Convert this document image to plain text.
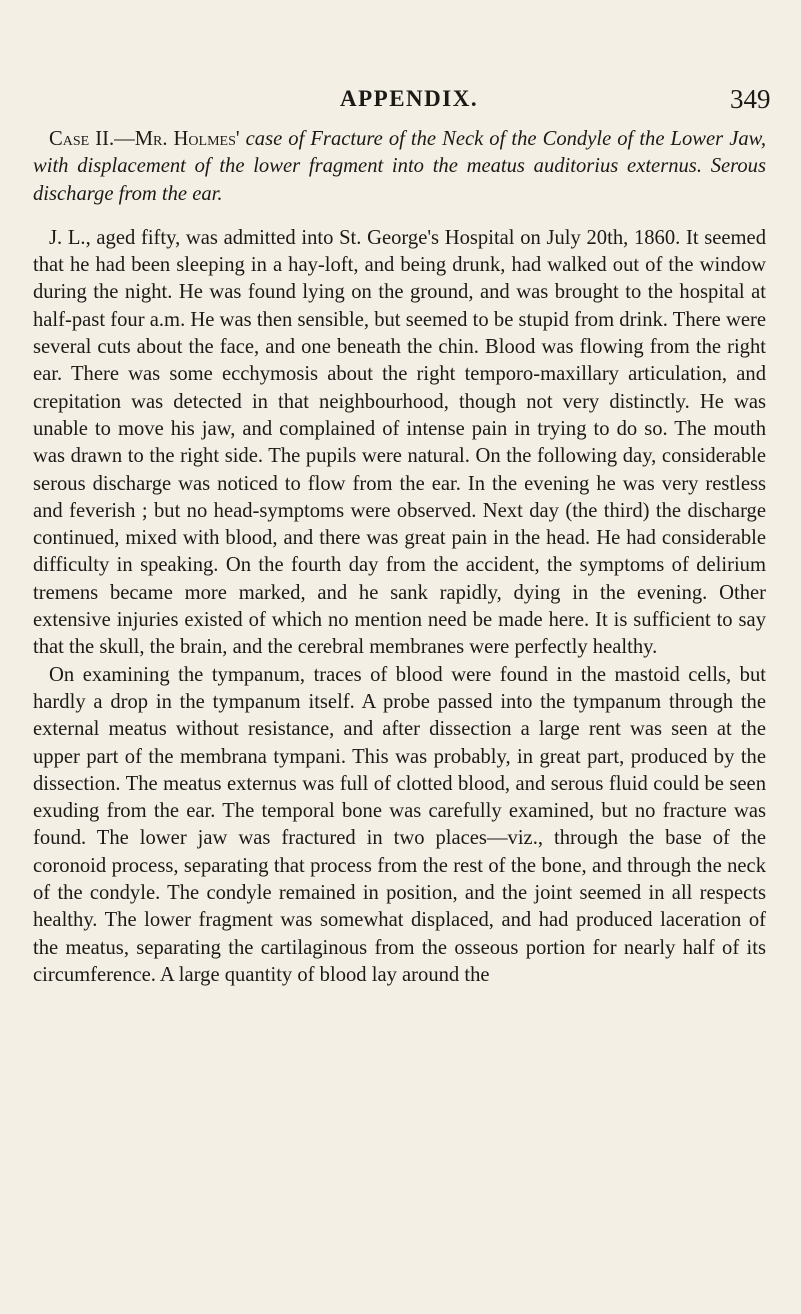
APPENDIX.	349

Case II.—Mr. Holmes' case of Fracture of the Neck of the Condyle of the Lower Jaw, with displacement of the lower fragment into the meatus auditorius externus. Serous discharge from the ear.

J. L., aged fifty, was admitted into St. George's Hospital on July 20th, 1860. It seemed that he had been sleeping in a hay-loft, and being drunk, had walked out of the window during the night. He was found lying on the ground, and was brought to the hospital at half-past four a.m. He was then sensible, but seemed to be stupid from drink. There were several cuts about the face, and one beneath the chin. Blood was flowing from the right ear. There was some ecchymosis about the right temporo-maxillary articulation, and crepitation was detected in that neighbourhood, though not very distinctly. He was unable to move his jaw, and complained of intense pain in trying to do so. The mouth was drawn to the right side. The pupils were natural. On the following day, considerable serous discharge was noticed to flow from the ear. In the evening he was very restless and feverish ; but no head-symptoms were observed. Next day (the third) the discharge continued, mixed with blood, and there was great pain in the head. He had considerable difficulty in speaking. On the fourth day from the accident, the symptoms of delirium tremens became more marked, and he sank rapidly, dying in the evening. Other extensive injuries existed of which no mention need be made here. It is sufficient to say that the skull, the brain, and the cerebral membranes were perfectly healthy.

On examining the tympanum, traces of blood were found in the mastoid cells, but hardly a drop in the tympanum itself. A probe passed into the tympanum through the external meatus without resistance, and after dissection a large rent was seen at the upper part of the membrana tympani. This was probably, in great part, produced by the dissection. The meatus externus was full of clotted blood, and serous fluid could be seen exuding from the ear. The temporal bone was carefully examined, but no fracture was found. The lower jaw was fractured in two places—viz., through the base of the coronoid process, separating that process from the rest of the bone, and through the neck of the condyle. The condyle remained in position, and the joint seemed in all respects healthy. The lower fragment was somewhat displaced, and had produced laceration of the meatus, separating the cartilaginous from the osseous portion for nearly half of its circumference. A large quantity of blood lay around the
